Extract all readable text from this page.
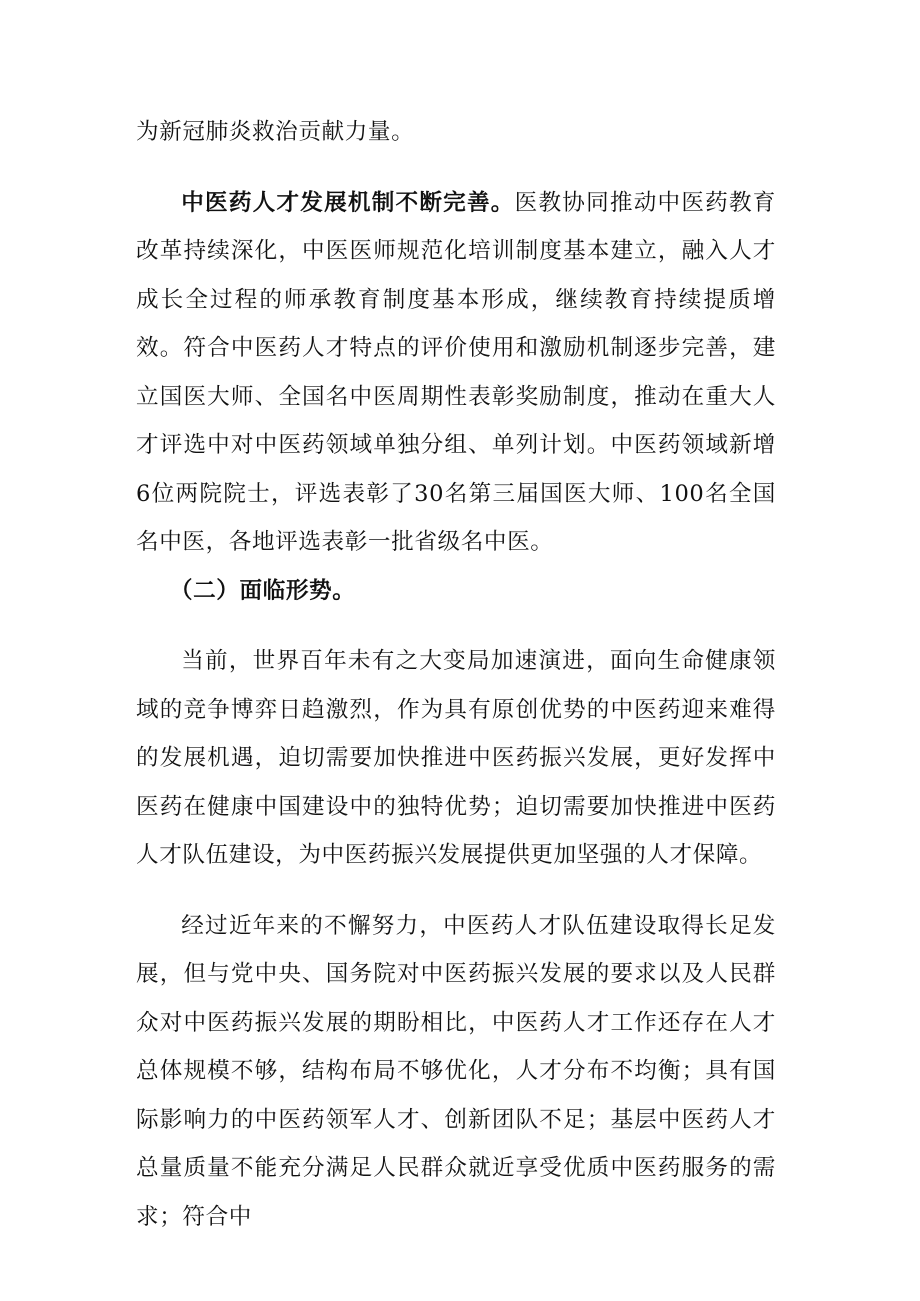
为新冠肺炎救治贡献力量。

中医药人才发展机制不断完善。医教协同推动中医药教育改革持续深化，中医医师规范化培训制度基本建立，融入人才成长全过程的师承教育制度基本形成，继续教育持续提质增效。符合中医药人才特点的评价使用和激励机制逐步完善，建立国医大师、全国名中医周期性表彰奖励制度，推动在重大人才评选中对中医药领域单独分组、单列计划。中医药领域新增6位两院院士，评选表彰了30名第三届国医大师、100名全国名中医，各地评选表彰一批省级名中医。

（二）面临形势。

当前，世界百年未有之大变局加速演进，面向生命健康领域的竞争博弈日趋激烈，作为具有原创优势的中医药迎来难得的发展机遇，迫切需要加快推进中医药振兴发展，更好发挥中医药在健康中国建设中的独特优势；迫切需要加快推进中医药人才队伍建设，为中医药振兴发展提供更加坚强的人才保障。

经过近年来的不懈努力，中医药人才队伍建设取得长足发展，但与党中央、国务院对中医药振兴发展的要求以及人民群众对中医药振兴发展的期盼相比，中医药人才工作还存在人才总体规模不够，结构布局不够优化，人才分布不均衡；具有国际影响力的中医药领军人才、创新团队不足；基层中医药人才总量质量不能充分满足人民群众就近享受优质中医药服务的需求；符合中
